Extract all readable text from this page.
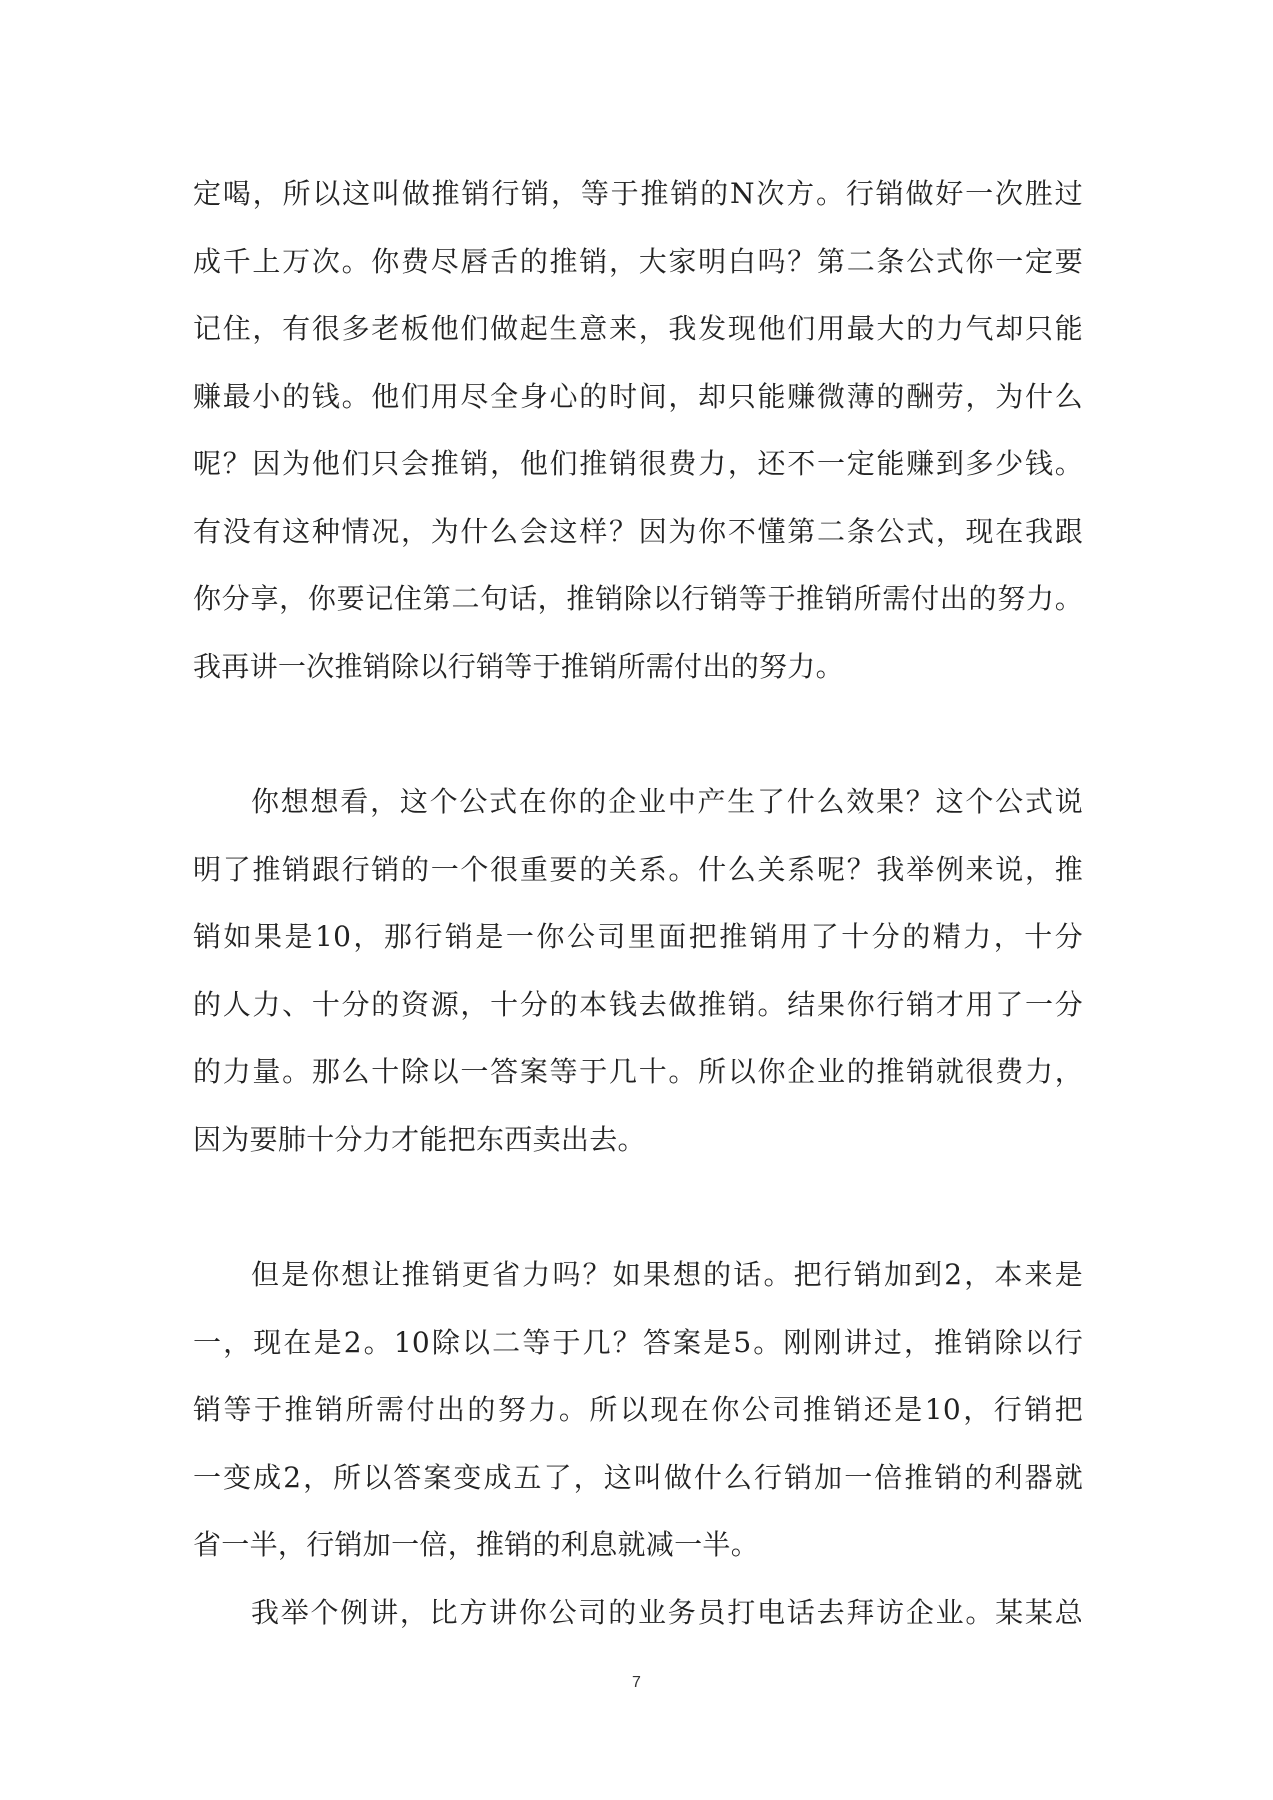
定喝，所以这叫做推销行销，等于推销的N次方。行销做好一次胜过
成千上万次。你费尽唇舌的推销，大家明白吗？第二条公式你一定要
记住，有很多老板他们做起生意来，我发现他们用最大的力气却只能
赚最小的钱。他们用尽全身心的时间，却只能赚微薄的酬劳，为什么
呢？因为他们只会推销，他们推销很费力，还不一定能赚到多少钱。
有没有这种情况，为什么会这样？因为你不懂第二条公式，现在我跟
你分享，你要记住第二句话，推销除以行销等于推销所需付出的努力。
我再讲一次推销除以行销等于推销所需付出的努力。

你想想看，这个公式在你的企业中产生了什么效果？这个公式说
明了推销跟行销的一个很重要的关系。什么关系呢？我举例来说，推
销如果是10，那行销是一你公司里面把推销用了十分的精力，十分
的人力、十分的资源，十分的本钱去做推销。结果你行销才用了一分
的力量。那么十除以一答案等于几十。所以你企业的推销就很费力，
因为要肺十分力才能把东西卖出去。

但是你想让推销更省力吗？如果想的话。把行销加到2，本来是
一，现在是2。10除以二等于几？答案是5。刚刚讲过，推销除以行
销等于推销所需付出的努力。所以现在你公司推销还是10，行销把
一变成2，所以答案变成五了，这叫做什么行销加一倍推销的利器就
省一半，行销加一倍，推销的利息就减一半。

我举个例讲，比方讲你公司的业务员打电话去拜访企业。某某总

7
